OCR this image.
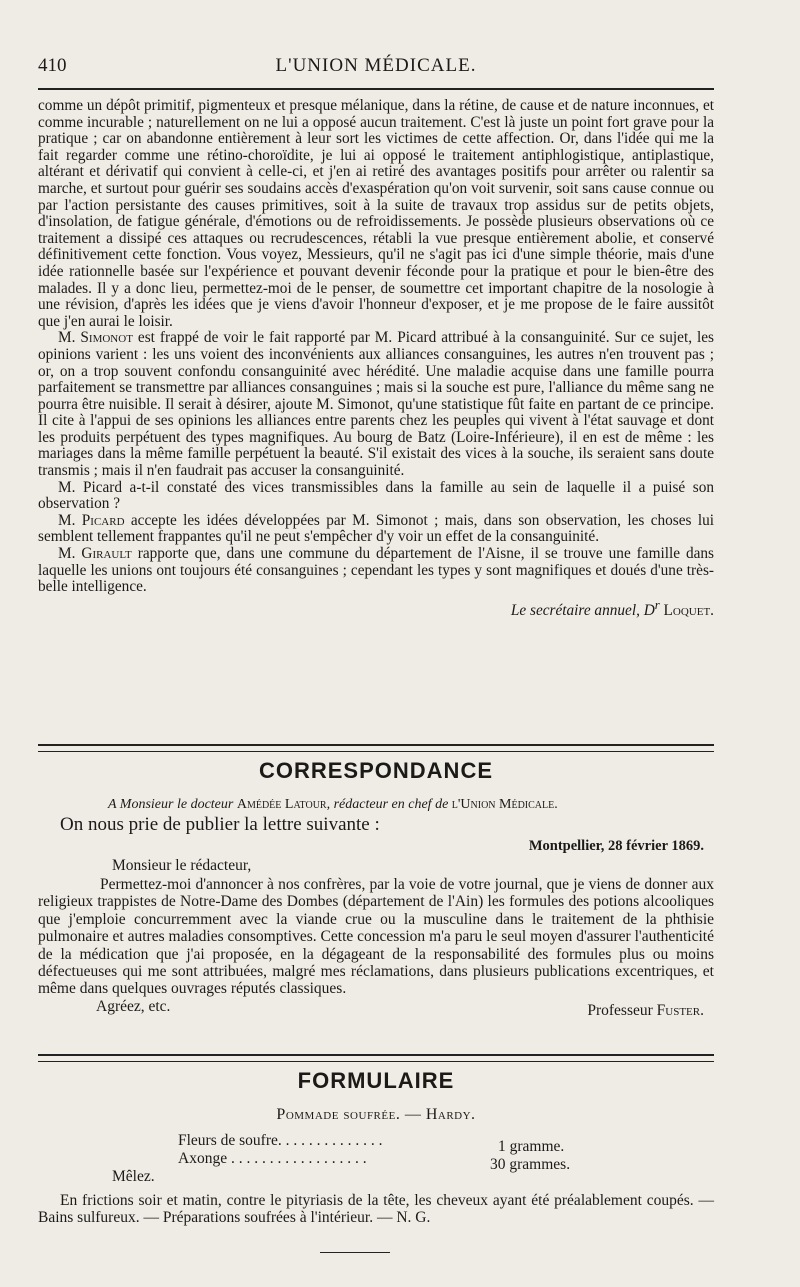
410	L'UNION MÉDICALE.

comme un dépôt primitif, pigmenteux et presque mélanique, dans la rétine, de cause et de nature inconnues, et comme incurable ; naturellement on ne lui a opposé aucun traitement. C'est là juste un point fort grave pour la pratique ; car on abandonne entièrement à leur sort les victimes de cette affection. Or, dans l'idée qui me la fait regarder comme une rétino-choroïdite, je lui ai opposé le traitement antiphlogistique, antiplastique, altérant et dérivatif qui convient à celle-ci, et j'en ai retiré des avantages positifs pour arrêter ou ralentir sa marche, et surtout pour guérir ses soudains accès d'exaspération qu'on voit survenir, soit sans cause connue ou par l'action persistante des causes primitives, soit à la suite de travaux trop assidus sur de petits objets, d'insolation, de fatigue générale, d'émotions ou de refroidissements. Je possède plusieurs observations où ce traitement a dissipé ces attaques ou recrudescences, rétabli la vue presque entièrement abolie, et conservé définitivement cette fonction. Vous voyez, Messieurs, qu'il ne s'agit pas ici d'une simple théorie, mais d'une idée rationnelle basée sur l'expérience et pouvant devenir féconde pour la pratique et pour le bien-être des malades. Il y a donc lieu, permettez-moi de le penser, de soumettre cet important chapitre de la nosologie à une révision, d'après les idées que je viens d'avoir l'honneur d'exposer, et je me propose de le faire aussitôt que j'en aurai le loisir.

M. Simonot est frappé de voir le fait rapporté par M. Picard attribué à la consanguinité. Sur ce sujet, les opinions varient : les uns voient des inconvénients aux alliances consanguines, les autres n'en trouvent pas ; or, on a trop souvent confondu consanguinité avec hérédité. Une maladie acquise dans une famille pourra parfaitement se transmettre par alliances consanguines ; mais si la souche est pure, l'alliance du même sang ne pourra être nuisible. Il serait à désirer, ajoute M. Simonot, qu'une statistique fût faite en partant de ce principe. Il cite à l'appui de ses opinions les alliances entre parents chez les peuples qui vivent à l'état sauvage et dont les produits perpétuent des types magnifiques. Au bourg de Batz (Loire-Inférieure), il en est de même : les mariages dans la même famille perpétuent la beauté. S'il existait des vices à la souche, ils seraient sans doute transmis ; mais il n'en faudrait pas accuser la consanguinité.

M. Picard a-t-il constaté des vices transmissibles dans la famille au sein de laquelle il a puisé son observation ?

M. Picard accepte les idées développées par M. Simonot ; mais, dans son observation, les choses lui semblent tellement frappantes qu'il ne peut s'empêcher d'y voir un effet de la consanguinité.

M. Girault rapporte que, dans une commune du département de l'Aisne, il se trouve une famille dans laquelle les unions ont toujours été consanguines ; cependant les types y sont magnifiques et doués d'une très-belle intelligence.

Le secrétaire annuel, $D^r$ Loquet.
CORRESPONDANCE
A Monsieur le docteur Amédée Latour, rédacteur en chef de l'Union Médicale.
On nous prie de publier la lettre suivante :
Montpellier, 28 février 1869.
Monsieur le rédacteur,

Permettez-moi d'annoncer à nos confrères, par la voie de votre journal, que je viens de donner aux religieux trappistes de Notre-Dame des Dombes (département de l'Ain) les formules des potions alcooliques que j'emploie concurremment avec la viande crue ou la musculine dans le traitement de la phthisie pulmonaire et autres maladies consomptives. Cette concession m'a paru le seul moyen d'assurer l'authenticité de la médication que j'ai proposée, en la dégageant de la responsabilité des formules plus ou moins défectueuses qui me sont attribuées, malgré mes réclamations, dans plusieurs publications excentriques, et même dans quelques ouvrages réputés classiques.

Agréez, etc.	Professeur Fuster.
FORMULAIRE
Pommade soufrée. — Hardy.
Fleurs de soufre. . . . . . . . . . . . . .	1 gramme.
Axonge . . . . . . . . . . . . . . . . . .	30 grammes.
Mêlez.

En frictions soir et matin, contre le pityriasis de la tête, les cheveux ayant été préalablement coupés. — Bains sulfureux. — Préparations soufrées à l'intérieur. — N. G.
